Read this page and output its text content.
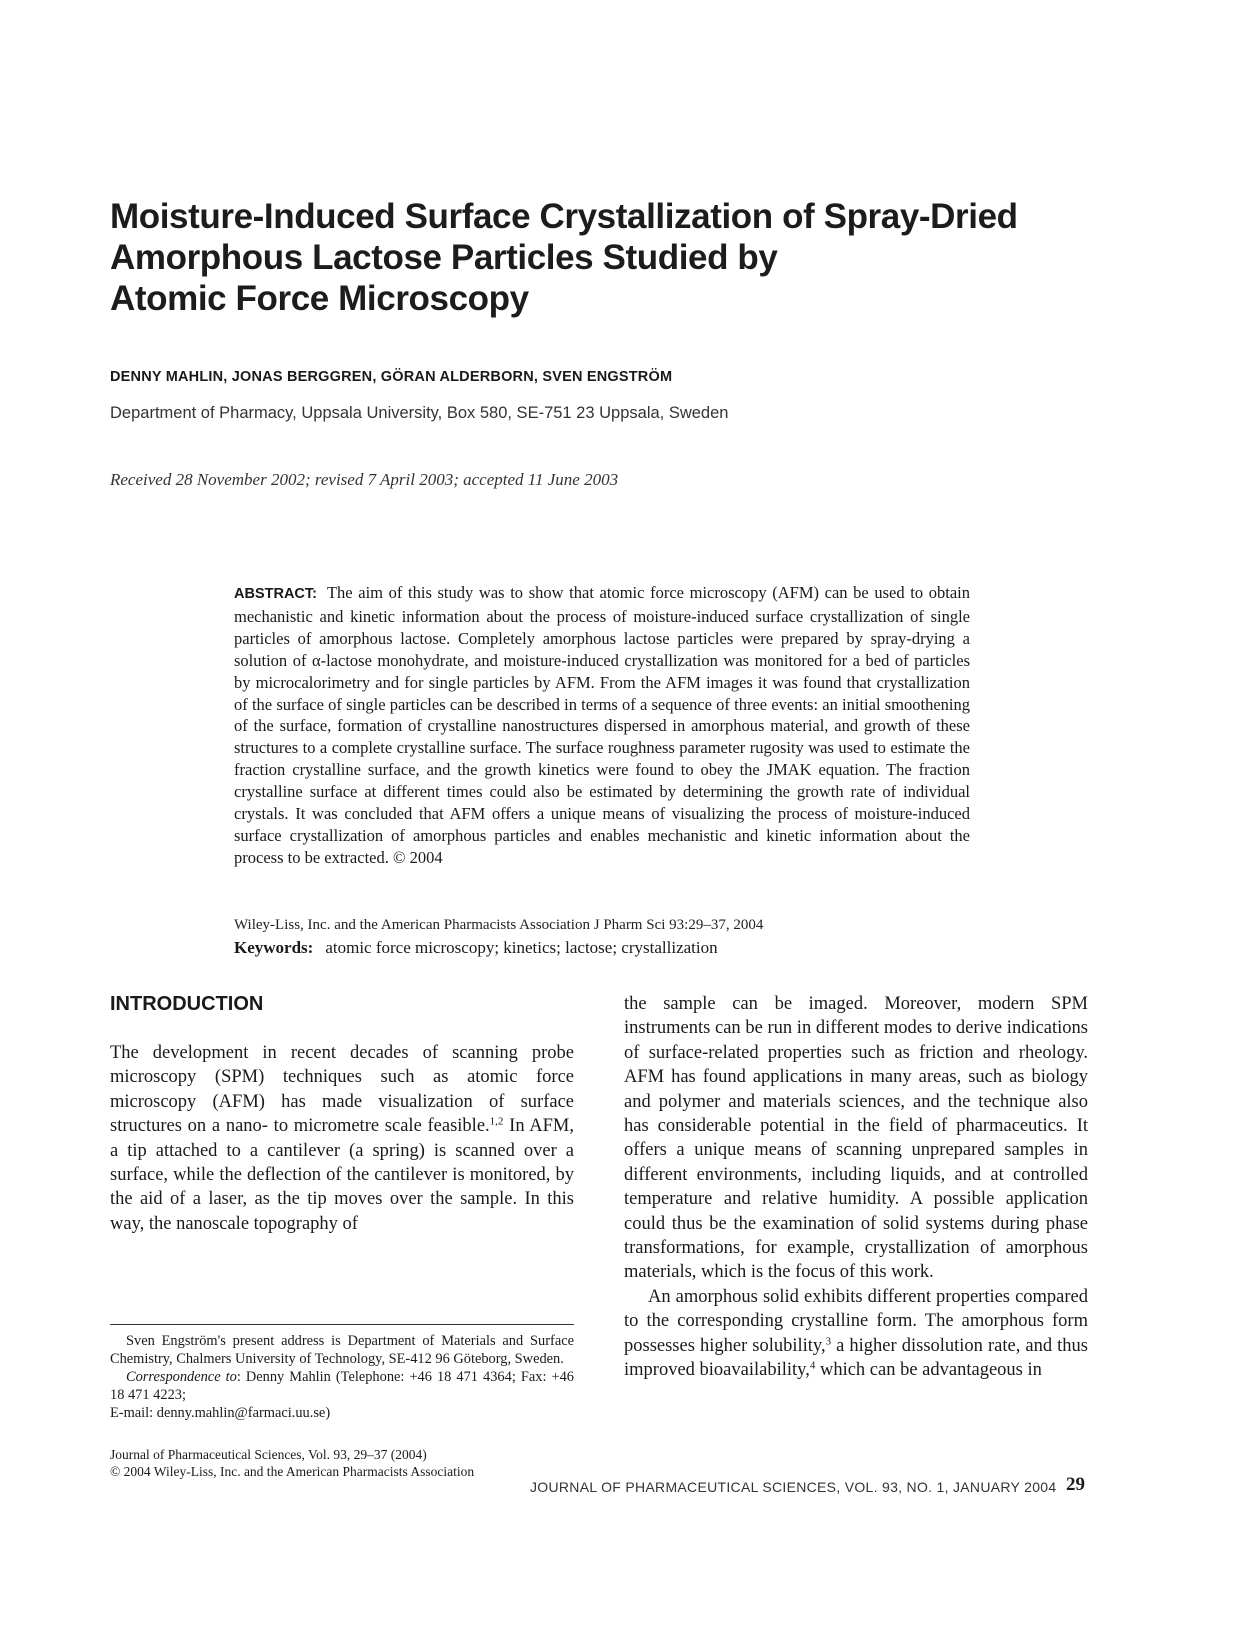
Moisture-Induced Surface Crystallization of Spray-Dried
Amorphous Lactose Particles Studied by
Atomic Force Microscopy
DENNY MAHLIN, JONAS BERGGREN, GÖRAN ALDERBORN, SVEN ENGSTRÖM
Department of Pharmacy, Uppsala University, Box 580, SE-751 23 Uppsala, Sweden
Received 28 November 2002; revised 7 April 2003; accepted 11 June 2003
ABSTRACT: The aim of this study was to show that atomic force microscopy (AFM) can be used to obtain mechanistic and kinetic information about the process of moisture-induced surface crystallization of single particles of amorphous lactose. Completely amorphous lactose particles were prepared by spray-drying a solution of α-lactose monohydrate, and moisture-induced crystallization was monitored for a bed of particles by microcalorimetry and for single particles by AFM. From the AFM images it was found that crystallization of the surface of single particles can be described in terms of a sequence of three events: an initial smoothening of the surface, formation of crystalline nanostructures dispersed in amorphous material, and growth of these structures to a complete crystalline surface. The surface roughness parameter rugosity was used to estimate the fraction crystalline surface, and the growth kinetics were found to obey the JMAK equation. The fraction crystalline surface at different times could also be estimated by determining the growth rate of individual crystals. It was concluded that AFM offers a unique means of visualizing the process of moisture-induced surface crystallization of amorphous particles and enables mechanistic and kinetic information about the process to be extracted. © 2004
Wiley-Liss, Inc. and the American Pharmacists Association J Pharm Sci 93:29–37, 2004
Keywords: atomic force microscopy; kinetics; lactose; crystallization
INTRODUCTION
The development in recent decades of scanning probe microscopy (SPM) techniques such as atomic force microscopy (AFM) has made visualization of surface structures on a nano- to micrometre scale feasible.$^{1,2}$ In AFM, a tip attached to a cantilever (a spring) is scanned over a surface, while the deflection of the cantilever is monitored, by the aid of a laser, as the tip moves over the sample. In this way, the nanoscale topography of

the sample can be imaged. Moreover, modern SPM instruments can be run in different modes to derive indications of surface-related properties such as friction and rheology. AFM has found applications in many areas, such as biology and polymer and materials sciences, and the technique also has considerable potential in the field of pharmaceutics. It offers a unique means of scanning unprepared samples in different environments, including liquids, and at controlled temperature and relative humidity. A possible application could thus be the examination of solid systems during phase transformations, for example, crystallization of amorphous materials, which is the focus of this work.

An amorphous solid exhibits different properties compared to the corresponding crystalline form. The amorphous form possesses higher solubility,$^3$ a higher dissolution rate, and thus improved bioavailability,$^4$ which can be advantageous in

Sven Engström's present address is Department of Materials and Surface Chemistry, Chalmers University of Technology, SE-412 96 Göteborg, Sweden.

Correspondence to: Denny Mahlin (Telephone: +46 18 471 4364; Fax: +46 18 471 4223;

E-mail: denny.mahlin@farmaci.uu.se)

Journal of Pharmaceutical Sciences, Vol. 93, 29–37 (2004)
© 2004 Wiley-Liss, Inc. and the American Pharmacists Association
JOURNAL OF PHARMACEUTICAL SCIENCES, VOL. 93, NO. 1, JANUARY 2004 29
